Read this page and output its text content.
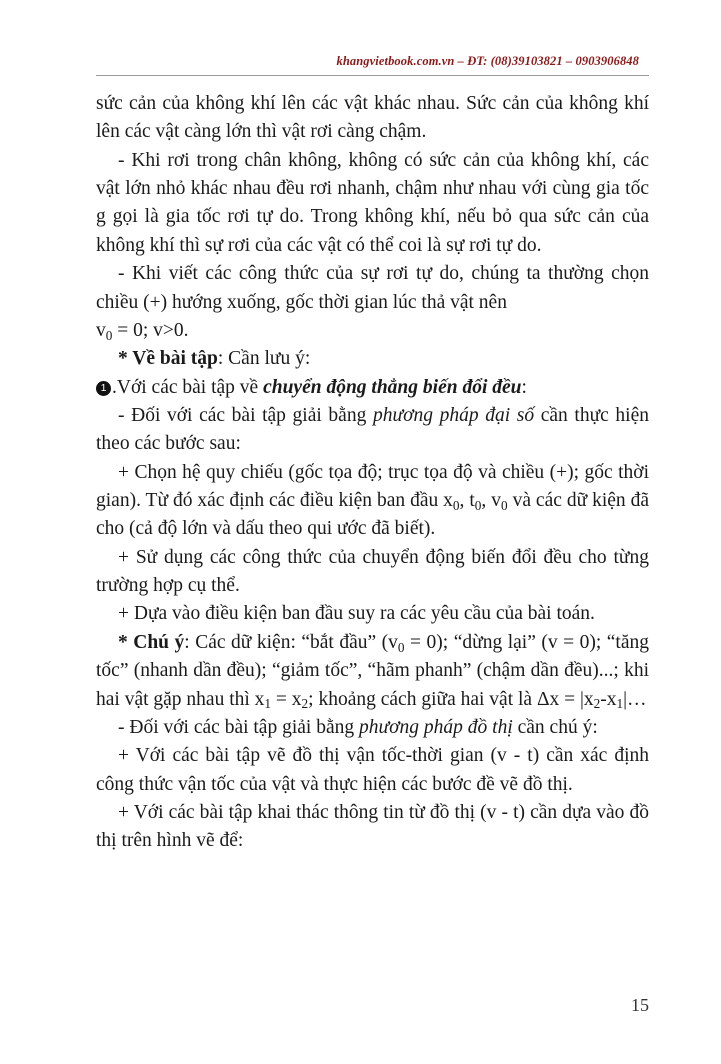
khangvietbook.com.vn – ĐT: (08)39103821 – 0903906848

sức cản của không khí lên các vật khác nhau. Sức cản của không khí lên các vật càng lớn thì vật rơi càng chậm.

- Khi rơi trong chân không, không có sức cản của không khí, các vật lớn nhỏ khác nhau đều rơi nhanh, chậm như nhau với cùng gia tốc g gọi là gia tốc rơi tự do. Trong không khí, nếu bỏ qua sức cản của không khí thì sự rơi của các vật có thể coi là sự rơi tự do.

- Khi viết các công thức của sự rơi tự do, chúng ta thường chọn chiều (+) hướng xuống, gốc thời gian lúc thả vật nên

$v_0 = 0$; v>0.

* Về bài tập: Cần lưu ý:

1 .Với các bài tập về chuyển động thẳng biến đổi đều:

- Đối với các bài tập giải bằng phương pháp đại số cần thực hiện theo các bước sau:

+ Chọn hệ quy chiếu (gốc tọa độ; trục tọa độ và chiều (+); gốc thời gian). Từ đó xác định các điều kiện ban đầu $x_0$, $t_0$, $v_0$ và các dữ kiện đã cho (cả độ lớn và dấu theo qui ước đã biết).

+ Sử dụng các công thức của chuyển động biến đổi đều cho từng trường hợp cụ thể.

+ Dựa vào điều kiện ban đầu suy ra các yêu cầu của bài toán.

* Chú ý: Các dữ kiện: “bắt đầu” $(v_0 = 0)$; “dừng lại” (v = 0); “tăng tốc” (nhanh dần đều); “giảm tốc”, “hãm phanh” (chậm dần đều)...; khi hai vật gặp nhau thì $x_1 = x_2$; khoảng cách giữa hai vật là $\Delta x = |x_2-x_1|\dots$

- Đối với các bài tập giải bằng phương pháp đồ thị cần chú ý:

+ Với các bài tập vẽ đồ thị vận tốc-thời gian (v - t) cần xác định công thức vận tốc của vật và thực hiện các bước đề vẽ đồ thị.

+ Với các bài tập khai thác thông tin từ đồ thị (v - t) cần dựa vào đồ thị trên hình vẽ để:

15
